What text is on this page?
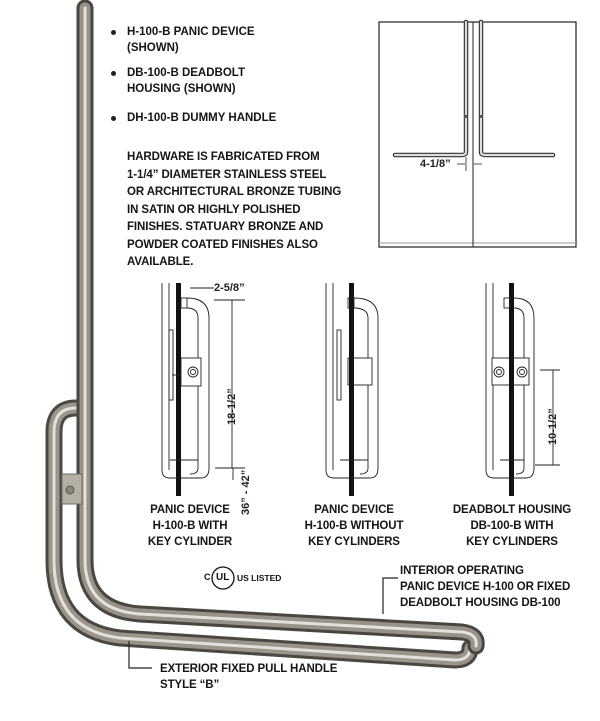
H-100-B PANIC DEVICE
(SHOWN)
DB-100-B DEADBOLT
HOUSING (SHOWN)
DH-100-B DUMMY HANDLE
HARDWARE IS FABRICATED FROM
1-1/4” DIAMETER STAINLESS STEEL
OR ARCHITECTURAL BRONZE TUBING
IN SATIN OR HIGHLY POLISHED
FINISHES. STATUARY BRONZE AND
POWDER COATED FINISHES ALSO
AVAILABLE.
4-1/8”
2-5/8”
18-1/2”
36” - 42”
10-1/2”
PANIC DEVICE
H-100-B WITH
KEY CYLINDER
PANIC DEVICE
H-100-B WITHOUT
KEY CYLINDERS
DEADBOLT HOUSING
DB-100-B WITH
KEY CYLINDERS
C UL US LISTED
INTERIOR OPERATING
PANIC DEVICE H-100 OR FIXED
DEADBOLT HOUSING DB-100
EXTERIOR FIXED PULL HANDLE
STYLE “B”
